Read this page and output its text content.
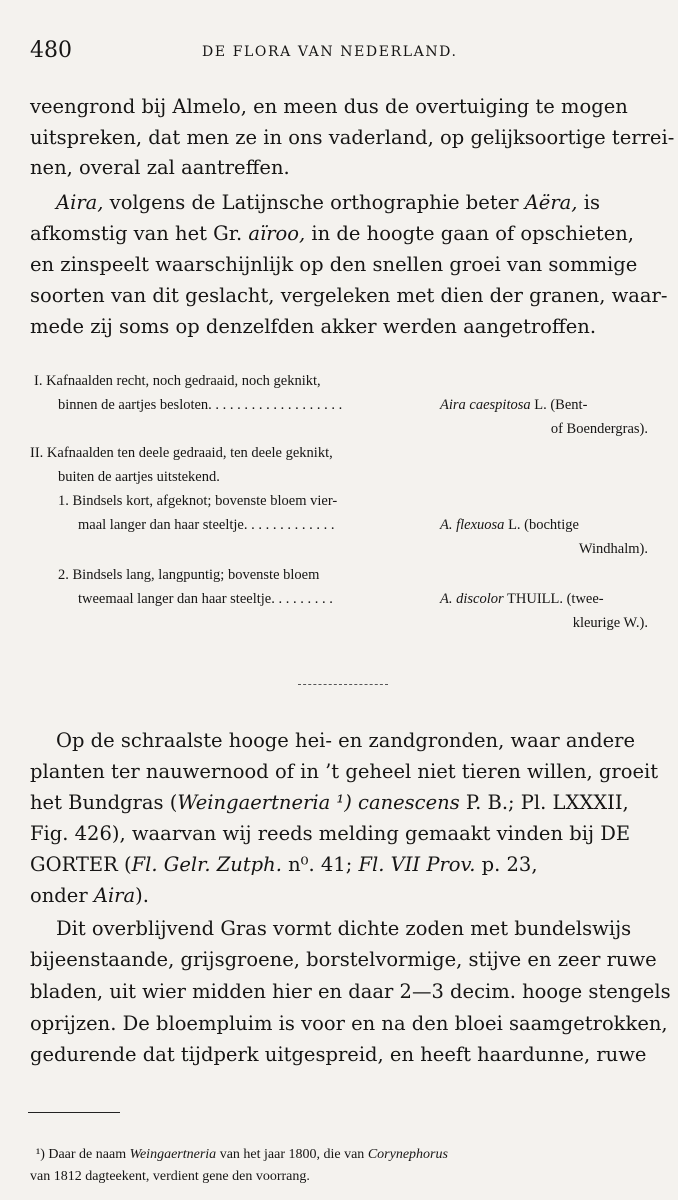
480	DE FLORA VAN NEDERLAND.
veengrond bij Almelo, en meen dus de overtuiging te mogen
uitspreken, dat men ze in ons vaderland, op gelijksoortige terrei-
nen, overal zal aantreffen.
Aira, volgens de Latijnsche orthographie beter Aëra, is
afkomstig van het Gr. aïroo, in de hoogte gaan of opschieten,
en zinspeelt waarschijnlijk op den snellen groei van sommige
soorten van dit geslacht, vergeleken met dien der granen, waar-
mede zij soms op denzelfden akker werden aangetroffen.
I. Kafnaalden recht, noch gedraaid, noch geknikt,
binnen de aartjes besloten. . . . . . . . . . . . . . . . . . .	Aira caespitosa L. (Bent-
of Boendergras).
II. Kafnaalden ten deele gedraaid, ten deele geknikt,
buiten de aartjes uitstekend.
1. Bindsels kort, afgeknot; bovenste bloem vier-
maal langer dan haar steeltje. . . . . . . . . . . . .	A. flexuosa L. (bochtige
Windhalm).
2. Bindsels lang, langpuntig; bovenste bloem
tweemaal langer dan haar steeltje. . . . . . . . .	A. discolor THUILL. (twee-
kleurige W.).
Op de schraalste hooge hei- en zandgronden, waar andere
planten ter nauwernood of in ’t geheel niet tieren willen, groeit
het Bundgras (Weingaertneria ¹) canescens P. B.; Pl. LXXXII,
Fig. 426), waarvan wij reeds melding gemaakt vinden bij DE
GORTER (Fl. Gelr. Zutph. n⁰. 41; Fl. VII Prov. p. 23,
onder Aira).
Dit overblijvend Gras vormt dichte zoden met bundelswijs
bijeenstaande, grijsgroene, borstelvormige, stijve en zeer ruwe
bladen, uit wier midden hier en daar 2—3 decim. hooge stengels
oprijzen. De bloempluim is voor en na den bloei saamgetrokken,
gedurende dat tijdperk uitgespreid, en heeft haardunne, ruwe
¹) Daar de naam Weingaertneria van het jaar 1800, die van Corynephorus
van 1812 dagteekent, verdient gene den voorrang.
